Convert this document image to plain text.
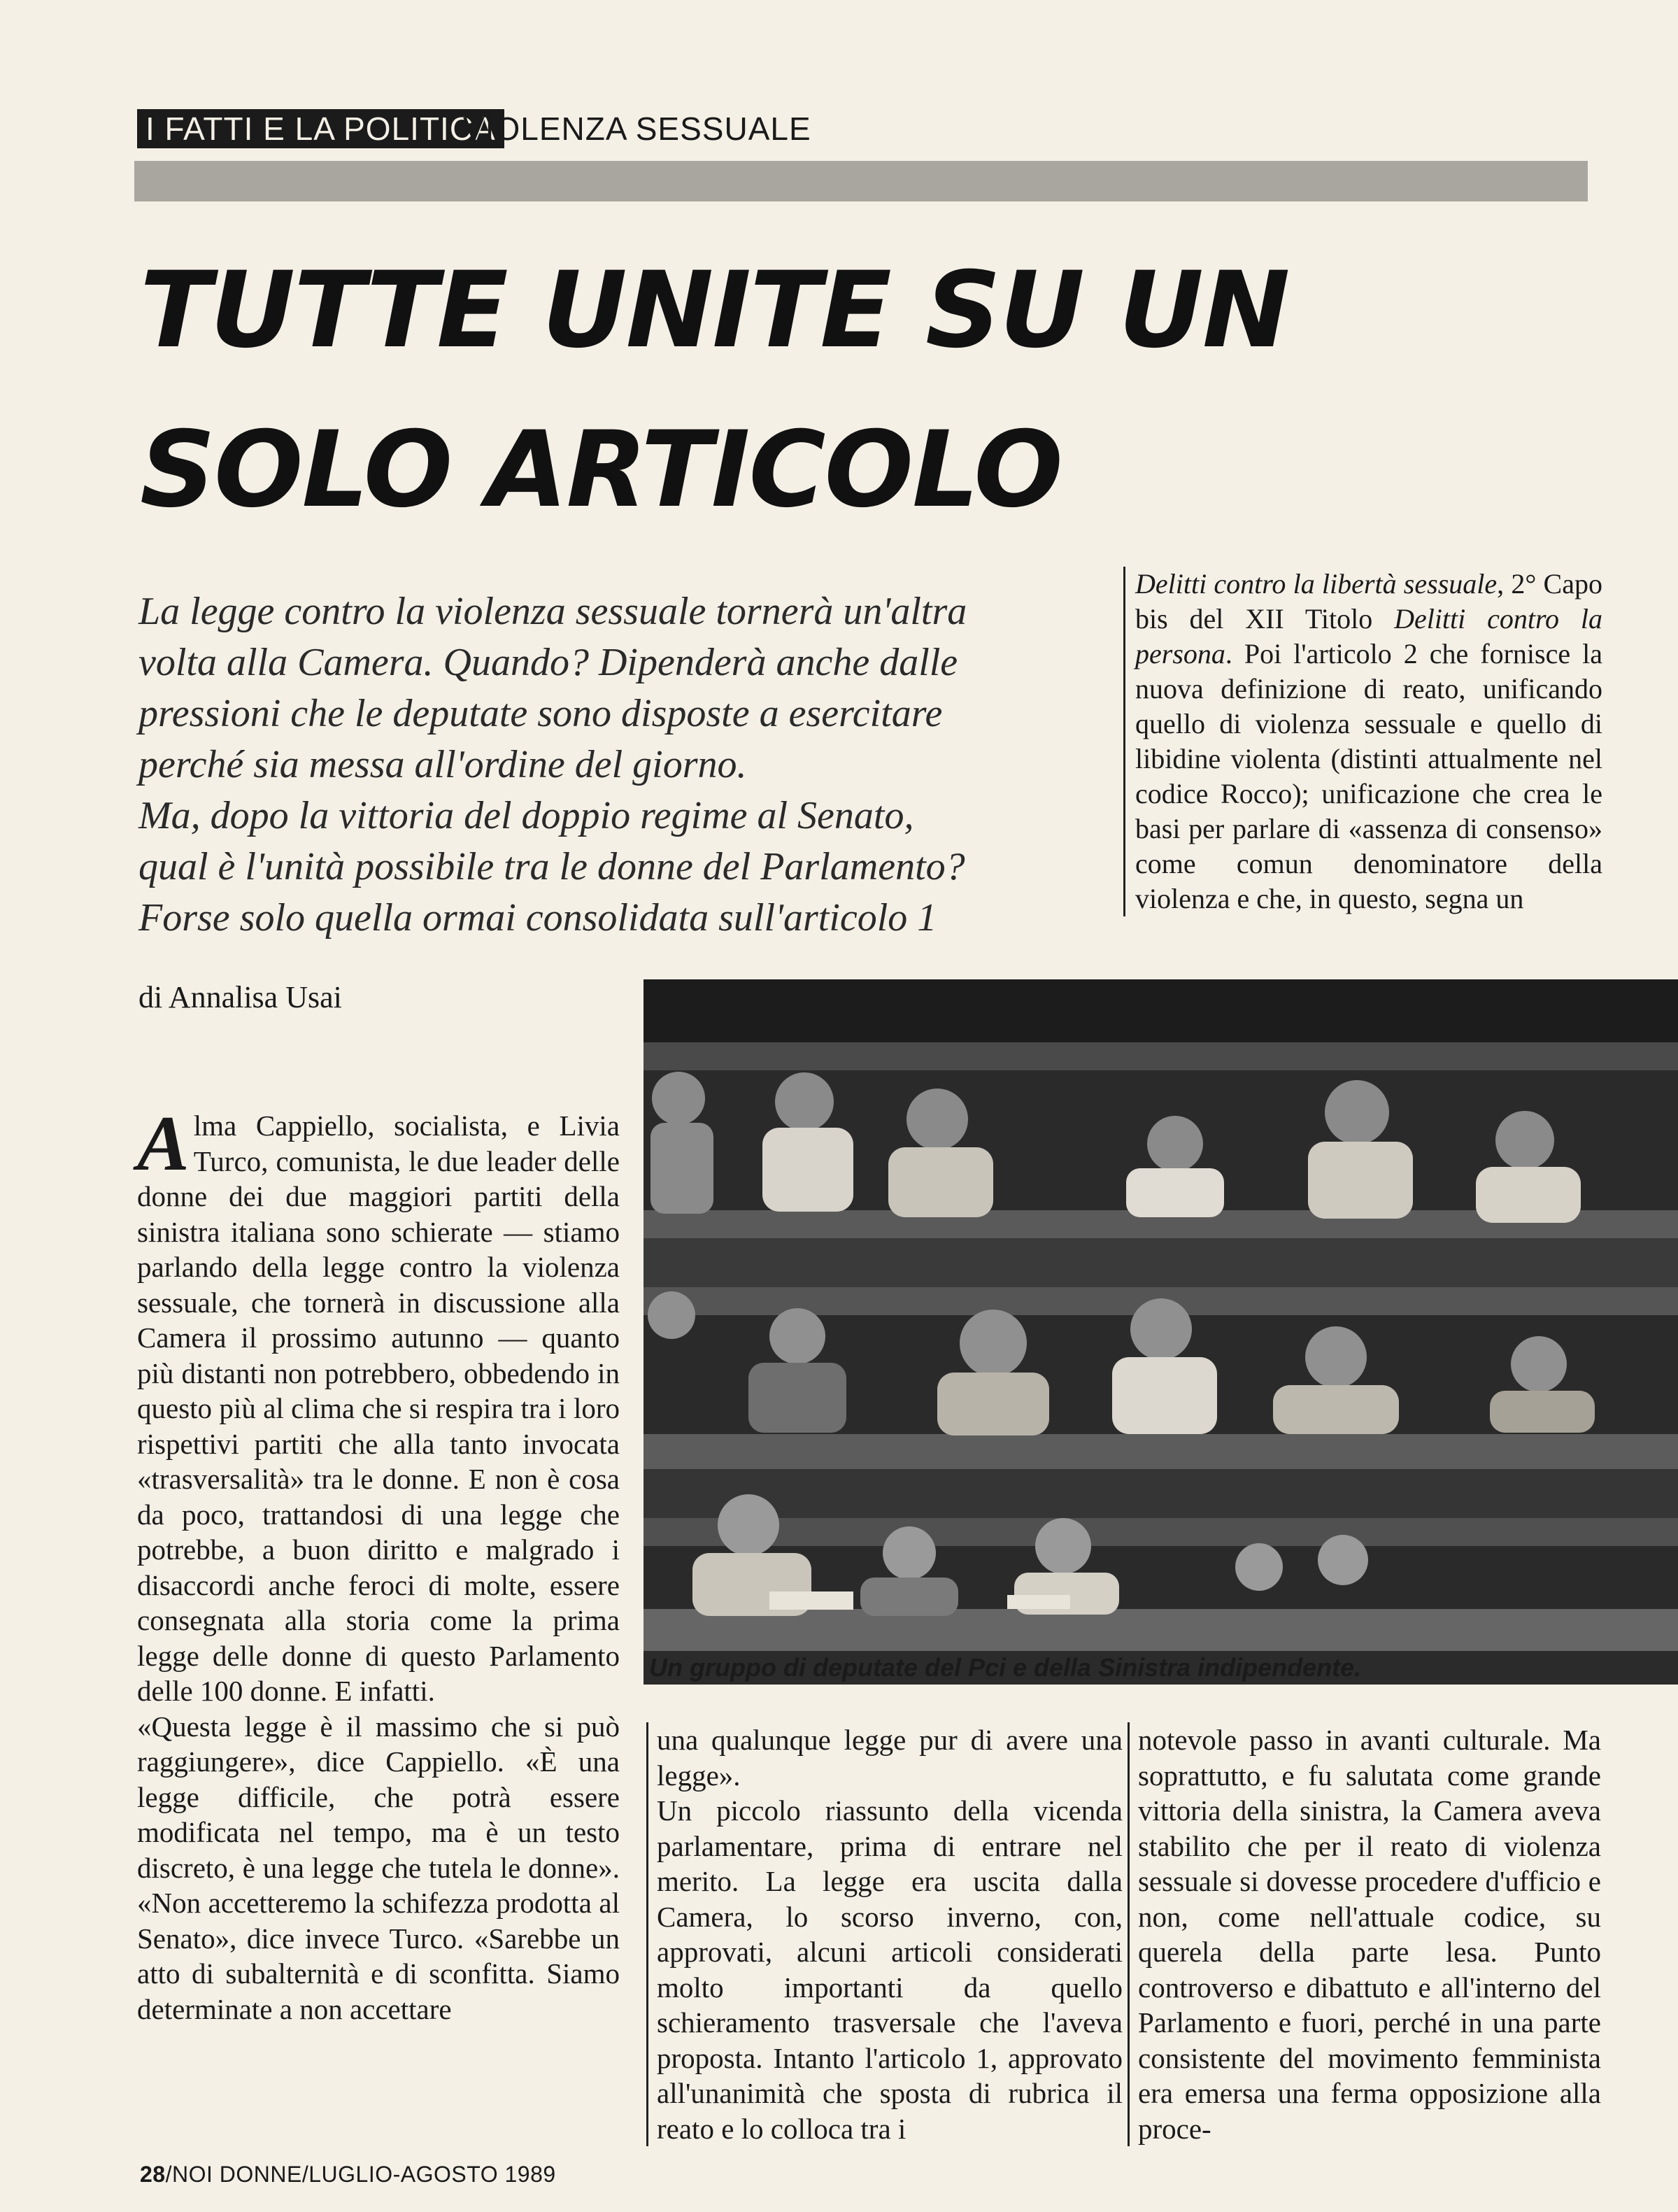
I FATTI E LA POLITICA
VIOLENZA SESSUALE
TUTTE UNITE SU UN
SOLO ARTICOLO
La legge contro la violenza sessuale tornerà un'altra
volta alla Camera. Quando? Dipenderà anche dalle
pressioni che le deputate sono disposte a esercitare
perché sia messa all'ordine del giorno.
Ma, dopo la vittoria del doppio regime al Senato,
qual è l'unità possibile tra le donne del Parlamento?
Forse solo quella ormai consolidata sull'articolo 1
di Annalisa Usai
Delitti contro la libertà sessuale, 2° Capo bis del XII Titolo Delitti contro la persona. Poi l'articolo 2 che fornisce la nuova definizione di reato, unificando quello di violenza sessuale e quello di libidine violenta (distinti attualmente nel codice Rocco); unificazione che crea le basi per parlare di «assenza di consenso» come comun denominatore della violenza e che, in questo, segna un
Un gruppo di deputate del Pci e della Sinistra indipendente.

Alma Cappiello, socialista, e Livia Turco, comunista, le due leader delle donne dei due maggiori partiti della sinistra italiana sono schierate — stiamo parlando della legge contro la violenza sessuale, che tornerà in discussione alla Camera il prossimo autunno — quanto più distanti non potrebbero, obbedendo in questo più al clima che si respira tra i loro rispettivi partiti che alla tanto invocata «trasversalità» tra le donne. E non è cosa da poco, trattandosi di una legge che potrebbe, a buon diritto e malgrado i disaccordi anche feroci di molte, essere consegnata alla storia come la prima legge delle donne di questo Parlamento delle 100 donne. E infatti.

«Questa legge è il massimo che si può raggiungere», dice Cappiello. «È una legge difficile, che potrà essere modificata nel tempo, ma è un testo discreto, è una legge che tutela le donne». «Non accetteremo la schifezza prodotta al Senato», dice invece Turco. «Sarebbe un atto di subalternità e di sconfitta. Siamo determinate a non accettare

una qualunque legge pur di avere una legge».

Un piccolo riassunto della vicenda parlamentare, prima di entrare nel merito. La legge era uscita dalla Camera, lo scorso inverno, con, approvati, alcuni articoli considerati molto importanti da quello schieramento trasversale che l'aveva proposta. Intanto l'articolo 1, approvato all'unanimità che sposta di rubrica il reato e lo colloca tra i

notevole passo in avanti culturale. Ma soprattutto, e fu salutata come grande vittoria della sinistra, la Camera aveva stabilito che per il reato di violenza sessuale si dovesse procedere d'ufficio e non, come nell'attuale codice, su querela della parte lesa. Punto controverso e dibattuto e all'interno del Parlamento e fuori, perché in una parte consistente del movimento femminista era emersa una ferma opposizione alla proce-

28/NOI DONNE/LUGLIO-AGOSTO 1989
